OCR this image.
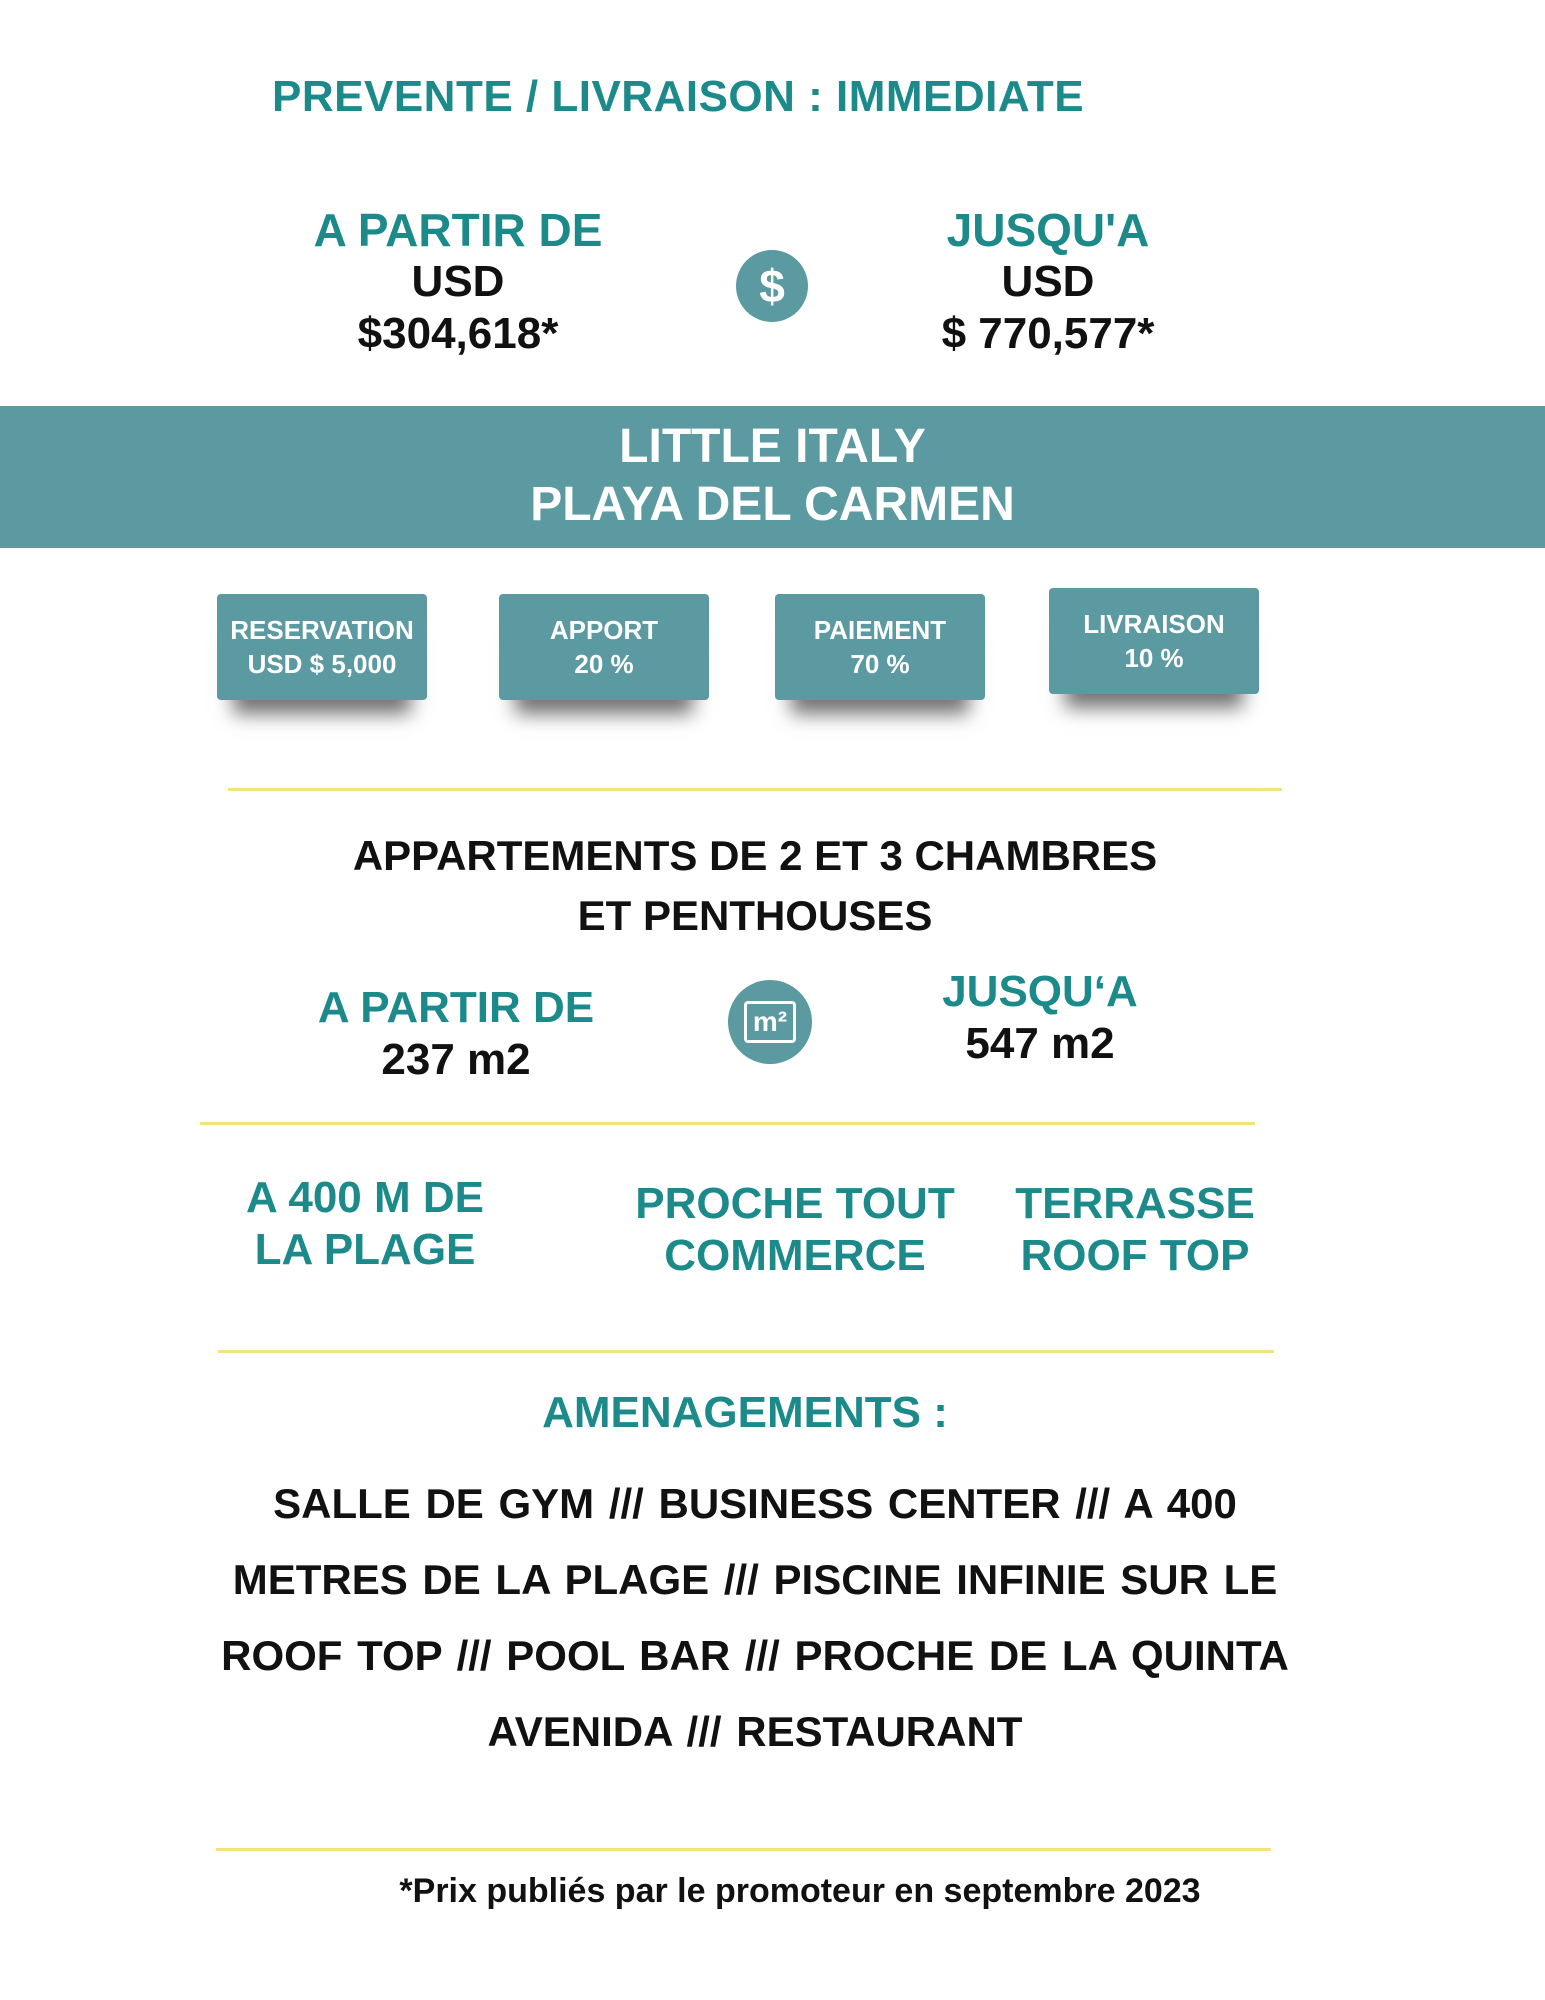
PREVENTE / LIVRAISON : IMMEDIATE
A PARTIR DE
USD
$304,618*
$
JUSQU'A
USD
$ 770,577*
LITTLE ITALY
PLAYA DEL CARMEN
RESERVATION
USD $ 5,000
APPORT
20 %
PAIEMENT
70 %
LIVRAISON
10 %
APPARTEMENTS DE 2 ET 3 CHAMBRES
ET PENTHOUSES
A PARTIR DE
237 m2
m²
JUSQU‘A
547 m2
A 400 M DE
LA PLAGE
PROCHE TOUT
COMMERCE
TERRASSE
ROOF TOP
AMENAGEMENTS :
SALLE DE GYM /// BUSINESS CENTER /// A 400 METRES DE LA PLAGE /// PISCINE INFINIE SUR LE ROOF TOP /// POOL BAR /// PROCHE DE LA QUINTA AVENIDA /// RESTAURANT
*Prix publiés par le promoteur en septembre 2023
